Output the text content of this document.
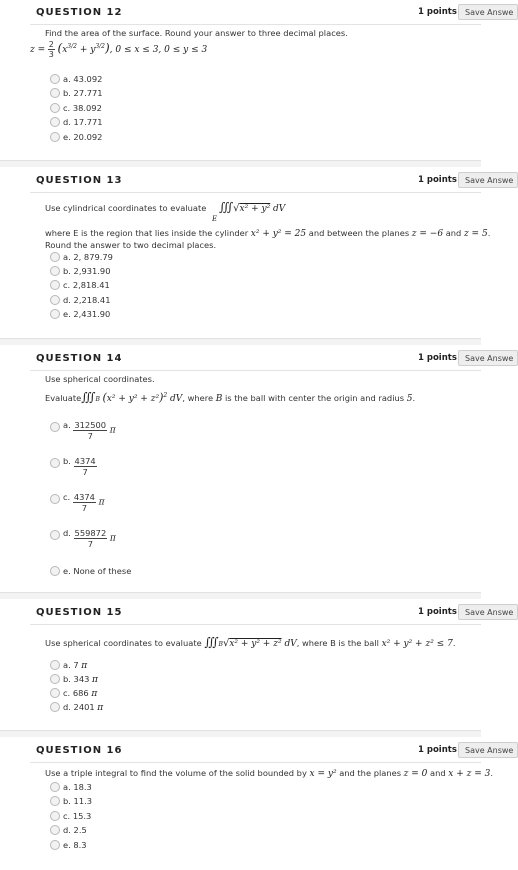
QUESTION 12	1 points	Save Answe
Find the area of the surface. Round your answer to three decimal places.
$z = \frac{2}{3} (x^{3/2} + y^{3/2})$, 0 ≤ x ≤ 3, 0 ≤ y ≤ 3
a. 43.092
b. 27.771
c. 38.092
d. 17.771
e. 20.092
QUESTION 13	1 points	Save Answe
Use cylindrical coordinates to evaluate ∭√x² + y² dV
E
where E is the region that lies inside the cylinder x² + y² = 25 and between the planes z = −6 and z = 5.
Round the answer to two decimal places.
a. 2, 879.79
b. 2,931.90
c. 2,818.41
d. 2,218.41
e. 2,431.90
QUESTION 14	1 points	Save Answe
Use spherical coordinates.
Evaluate∭B $(x^2 + y^2 + z^2)^2$ dV, where B is the ball with center the origin and radius 5.
a. $\frac{312500}{7}$ π
b. $\frac{4374}{7}$
c. $\frac{4374}{7}$ π
d. $\frac{559872}{7}$ π
e. None of these
QUESTION 15	1 points	Save Answe
Use spherical coordinates to evaluate ∭B√x² + y² + z² dV, where B is the ball x² + y² + z² ≤ 7.
a. 7 π
b. 343 π
c. 686 π
d. 2401 π
QUESTION 16	1 points	Save Answe
Use a triple integral to find the volume of the solid bounded by x = y² and the planes z = 0 and x + z = 3.
a. 18.3
b. 11.3
c. 15.3
d. 2.5
e. 8.3
